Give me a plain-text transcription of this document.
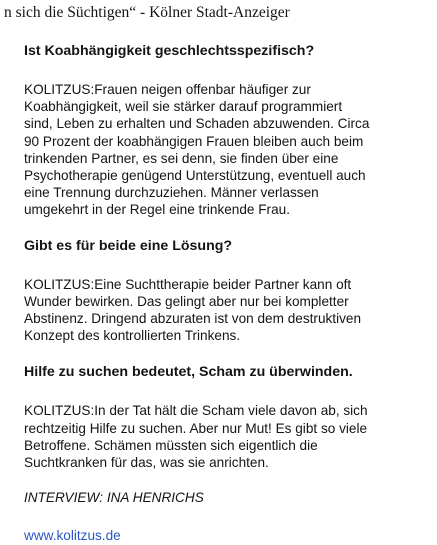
n sich die Süchtigen“ - Kölner Stadt-Anzeiger

Ist Koabhängigkeit geschlechtsspezifisch?

KOLITZUS:Frauen neigen offenbar häufiger zur
Koabhängigkeit, weil sie stärker darauf programmiert
sind, Leben zu erhalten und Schaden abzuwenden. Circa
90 Prozent der koabhängigen Frauen bleiben auch beim
trinkenden Partner, es sei denn, sie finden über eine
Psychotherapie genügend Unterstützung, eventuell auch
eine Trennung durchzuziehen. Männer verlassen
umgekehrt in der Regel eine trinkende Frau.

Gibt es für beide eine Lösung?

KOLITZUS:Eine Suchttherapie beider Partner kann oft
Wunder bewirken. Das gelingt aber nur bei kompletter
Abstinenz. Dringend abzuraten ist von dem destruktiven
Konzept des kontrollierten Trinkens.

Hilfe zu suchen bedeutet, Scham zu überwinden.

KOLITZUS:In der Tat hält die Scham viele davon ab, sich
rechtzeitig Hilfe zu suchen. Aber nur Mut! Es gibt so viele
Betroffene. Schämen müssten sich eigentlich die
Suchtkranken für das, was sie anrichten.

INTERVIEW: INA HENRICHS

www.kolitzus.de
